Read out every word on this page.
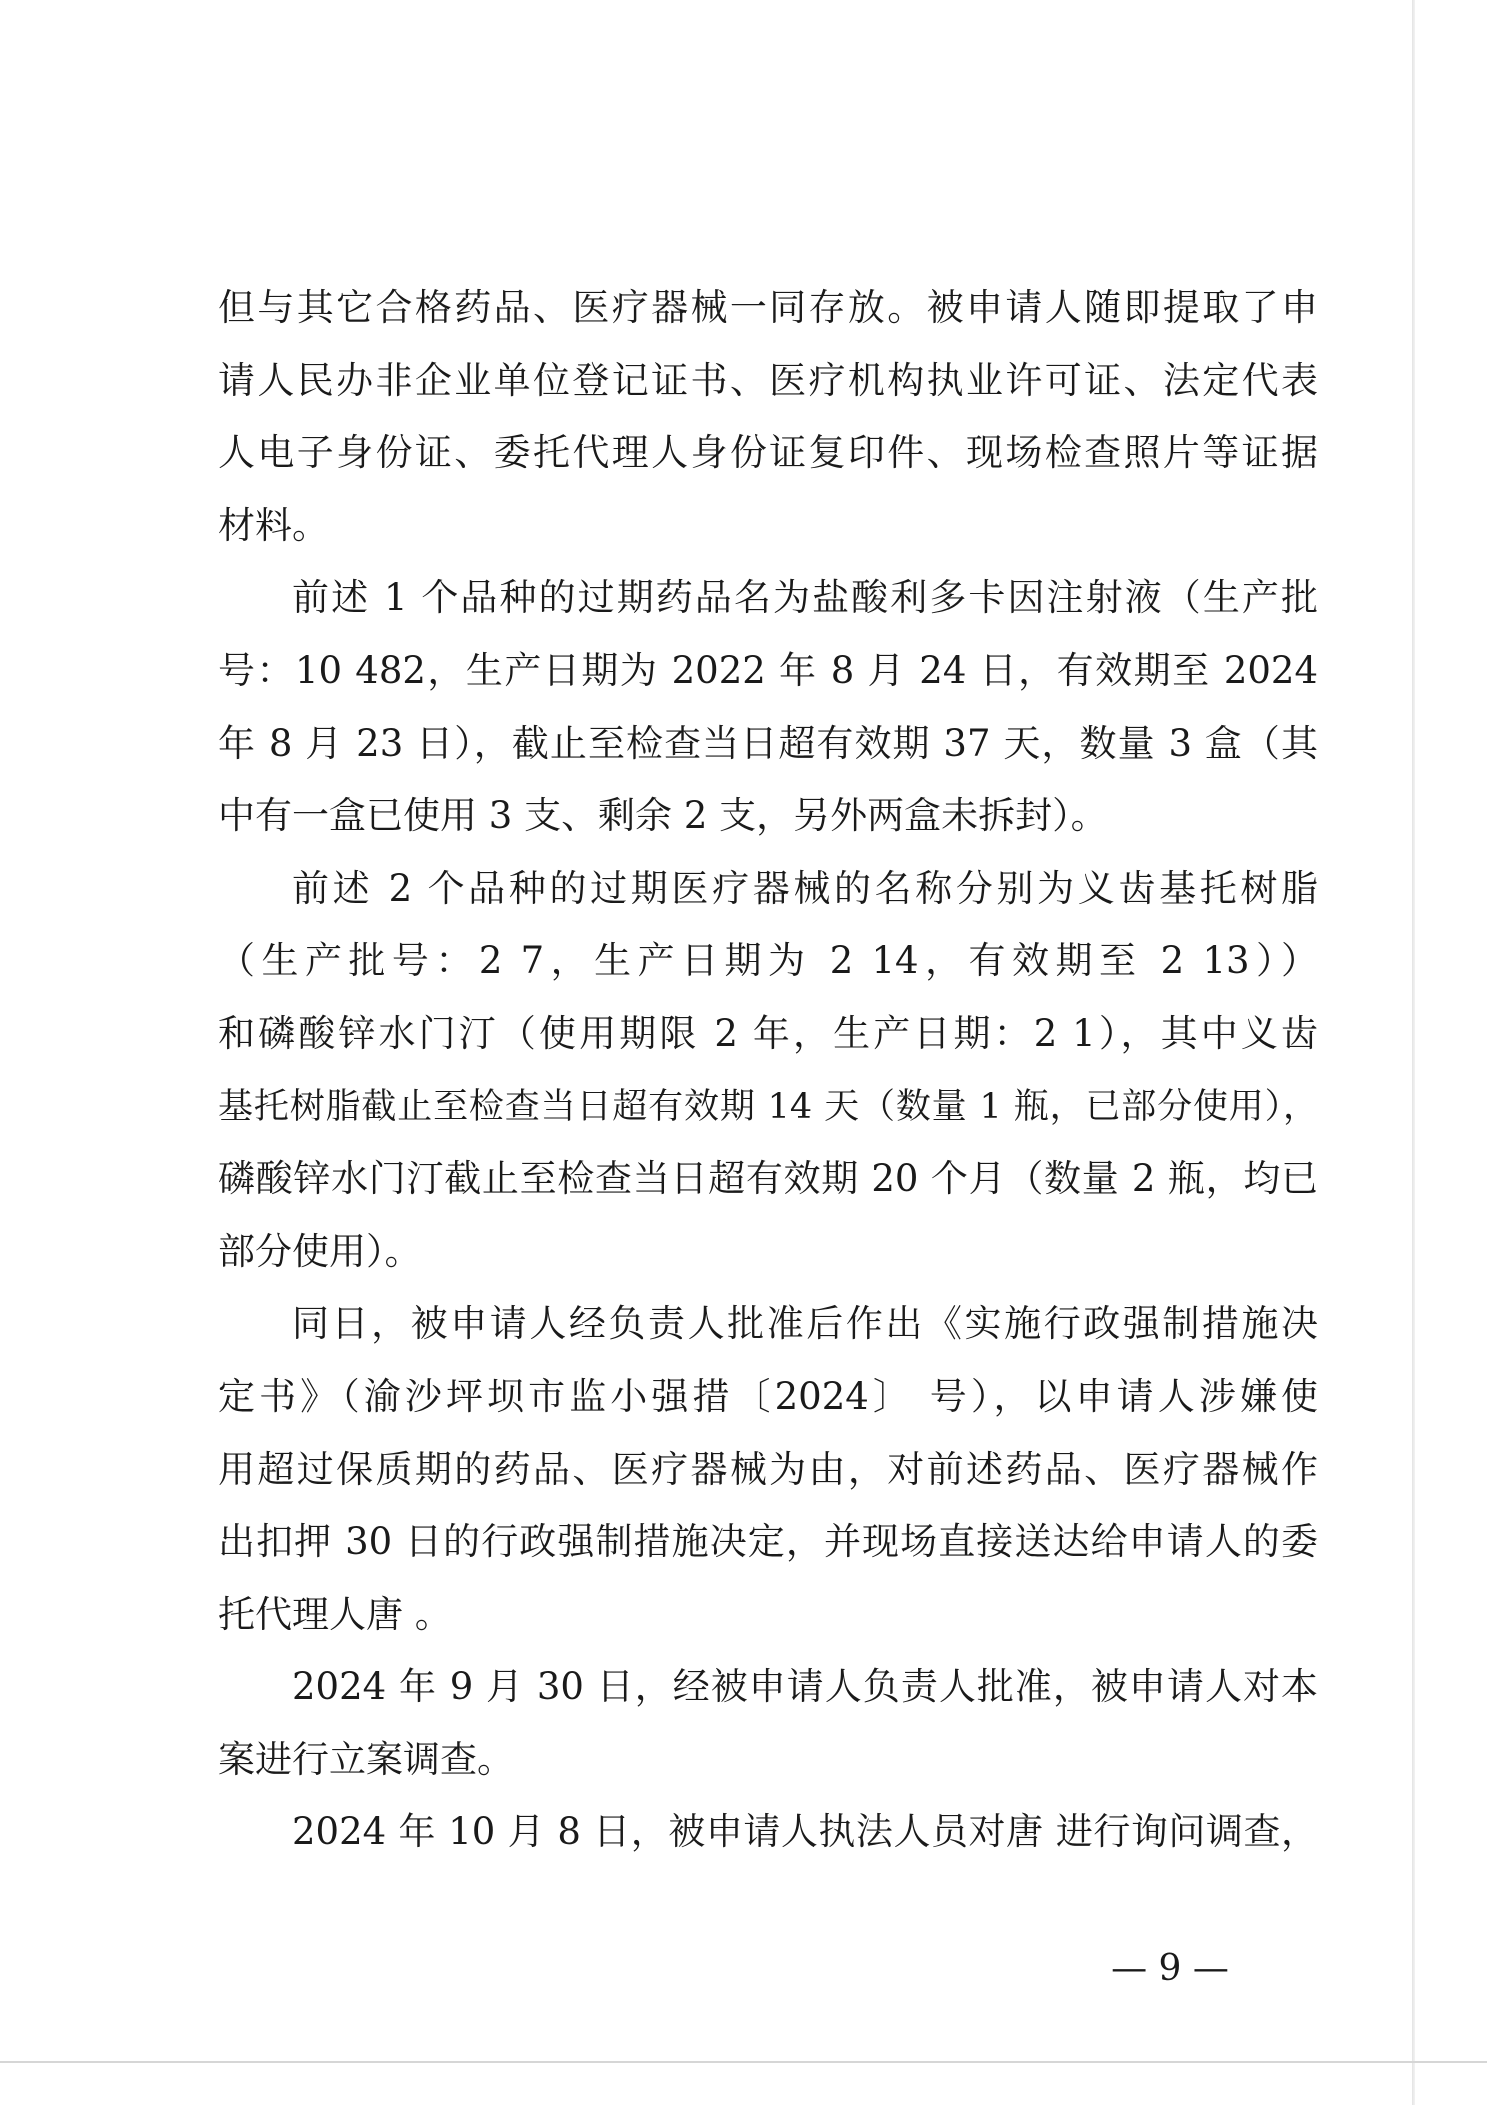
但与其它合格药品、医疗器械一同存放。被申请人随即提取了申
请人民办非企业单位登记证书、医疗机构执业许可证、法定代表
人电子身份证、委托代理人身份证复印件、现场检查照片等证据
材料。
前述 1 个品种的过期药品名为盐酸利多卡因注射液（生产批
号：10 482，生产日期为 2022 年 8 月 24 日，有效期至 2024
年 8 月 23 日），截止至检查当日超有效期 37 天，数量 3 盒（其
中有一盒已使用 3 支、剩余 2 支，另外两盒未拆封）。
前述 2 个品种的过期医疗器械的名称分别为义齿基托树脂
（生产批号：2 7，生产日期为 2 14，有效期至 2 13））
和磷酸锌水门汀（使用期限 2 年，生产日期：2 1），其中义齿
基托树脂截止至检查当日超有效期 14 天（数量 1 瓶，已部分使用），
磷酸锌水门汀截止至检查当日超有效期 20 个月（数量 2 瓶，均已
部分使用）。
同日，被申请人经负责人批准后作出《实施行政强制措施决
定书》（渝沙坪坝市监小强措〔2024〕 号），以申请人涉嫌使
用超过保质期的药品、医疗器械为由，对前述药品、医疗器械作
出扣押 30 日的行政强制措施决定，并现场直接送达给申请人的委
托代理人唐 。
2024 年 9 月 30 日，经被申请人负责人批准，被申请人对本
案进行立案调查。
2024 年 10 月 8 日，被申请人执法人员对唐 进行询问调查，
— 9 —
